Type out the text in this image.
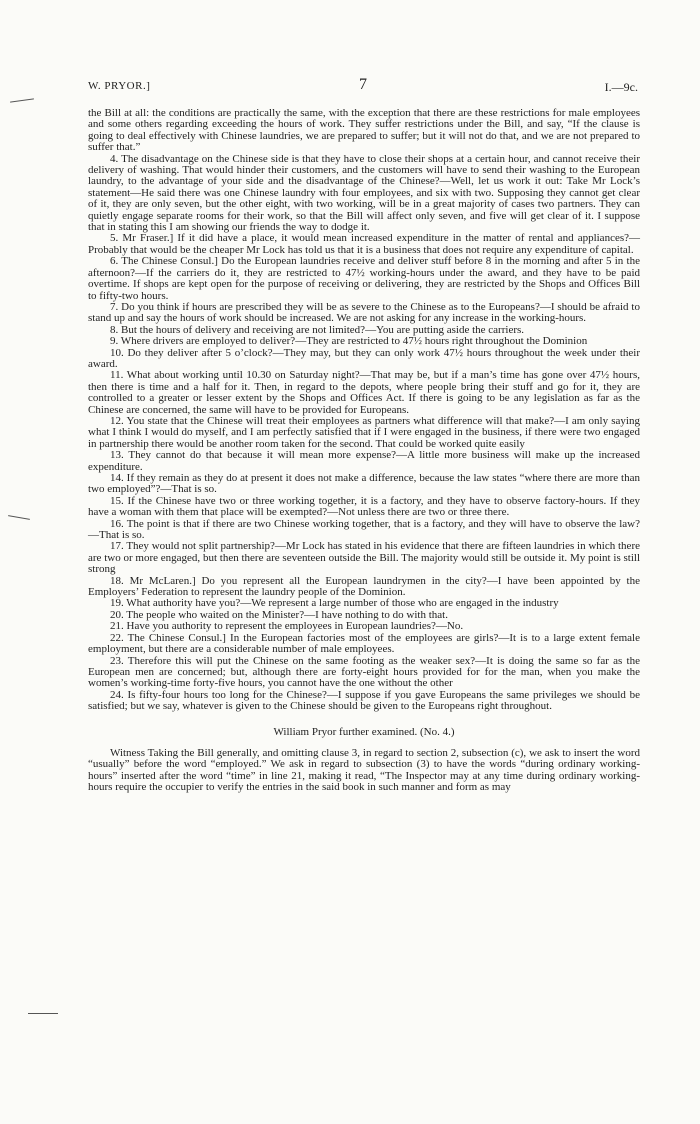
W. PRYOR.]	7	I.—9c.

the Bill at all: the conditions are practically the same, with the exception that there are these restrictions for male employees and some others regarding exceeding the hours of work. They suffer restrictions under the Bill, and say, “If the clause is going to deal effectively with Chinese laundries, we are prepared to suffer; but it will not do that, and we are not prepared to suffer that.”

4. The disadvantage on the Chinese side is that they have to close their shops at a certain hour, and cannot receive their delivery of washing. That would hinder their customers, and the customers will have to send their washing to the European laundry, to the advantage of your side and the disadvantage of the Chinese?—Well, let us work it out: Take Mr Lock’s statement—He said there was one Chinese laundry with four employees, and six with two. Supposing they cannot get clear of it, they are only seven, but the other eight, with two working, will be in a great majority of cases two partners. They can quietly engage separate rooms for their work, so that the Bill will affect only seven, and five will get clear of it. I suppose that in stating this I am showing our friends the way to dodge it.

5. Mr Fraser.] If it did have a place, it would mean increased expenditure in the matter of rental and appliances?—Probably that would be the cheaper Mr Lock has told us that it is a business that does not require any expenditure of capital.

6. The Chinese Consul.] Do the European laundries receive and deliver stuff before 8 in the morning and after 5 in the afternoon?—If the carriers do it, they are restricted to 47½ working-hours under the award, and they have to be paid overtime. If shops are kept open for the purpose of receiving or delivering, they are restricted by the Shops and Offices Bill to fifty-two hours.

7. Do you think if hours are prescribed they will be as severe to the Chinese as to the Europeans?—I should be afraid to stand up and say the hours of work should be increased. We are not asking for any increase in the working-hours.

8. But the hours of delivery and receiving are not limited?—You are putting aside the carriers.

9. Where drivers are employed to deliver?—They are restricted to 47½ hours right throughout the Dominion

10. Do they deliver after 5 o’clock?—They may, but they can only work 47½ hours throughout the week under their award.

11. What about working until 10.30 on Saturday night?—That may be, but if a man’s time has gone over 47½ hours, then there is time and a half for it. Then, in regard to the depots, where people bring their stuff and go for it, they are controlled to a greater or lesser extent by the Shops and Offices Act. If there is going to be any legislation as far as the Chinese are concerned, the same will have to be provided for Europeans.

12. You state that the Chinese will treat their employees as partners what difference will that make?—I am only saying what I think I would do myself, and I am perfectly satisfied that if I were engaged in the business, if there were two engaged in partnership there would be another room taken for the second. That could be worked quite easily

13. They cannot do that because it will mean more expense?—A little more business will make up the increased expenditure.

14. If they remain as they do at present it does not make a difference, because the law states “where there are more than two employed”?—That is so.

15. If the Chinese have two or three working together, it is a factory, and they have to observe factory-hours. If they have a woman with them that place will be exempted?—Not unless there are two or three there.

16. The point is that if there are two Chinese working together, that is a factory, and they will have to observe the law?—That is so.

17. They would not split partnership?—Mr Lock has stated in his evidence that there are fifteen laundries in which there are two or more engaged, but then there are seventeen outside the Bill. The majority would still be outside it. My point is still strong

18. Mr McLaren.] Do you represent all the European laundrymen in the city?—I have been appointed by the Employers’ Federation to represent the laundry people of the Dominion.

19. What authority have you?—We represent a large number of those who are engaged in the industry

20. The people who waited on the Minister?—I have nothing to do with that.

21. Have you authority to represent the employees in European laundries?—No.

22. The Chinese Consul.] In the European factories most of the employees are girls?—It is to a large extent female employment, but there are a considerable number of male employees.

23. Therefore this will put the Chinese on the same footing as the weaker sex?—It is doing the same so far as the European men are concerned; but, although there are forty-eight hours provided for for the man, when you make the women’s working-time forty-five hours, you cannot have the one without the other

24. Is fifty-four hours too long for the Chinese?—I suppose if you gave Europeans the same privileges we should be satisfied; but we say, whatever is given to the Chinese should be given to the Europeans right throughout.

William Pryor further examined. (No. 4.)

Witness Taking the Bill generally, and omitting clause 3, in regard to section 2, subsection (c), we ask to insert the word “usually” before the word “employed.” We ask in regard to subsection (3) to have the words “during ordinary working-hours” inserted after the word “time” in line 21, making it read, “The Inspector may at any time during ordinary working-hours require the occupier to verify the entries in the said book in such manner and form as may
